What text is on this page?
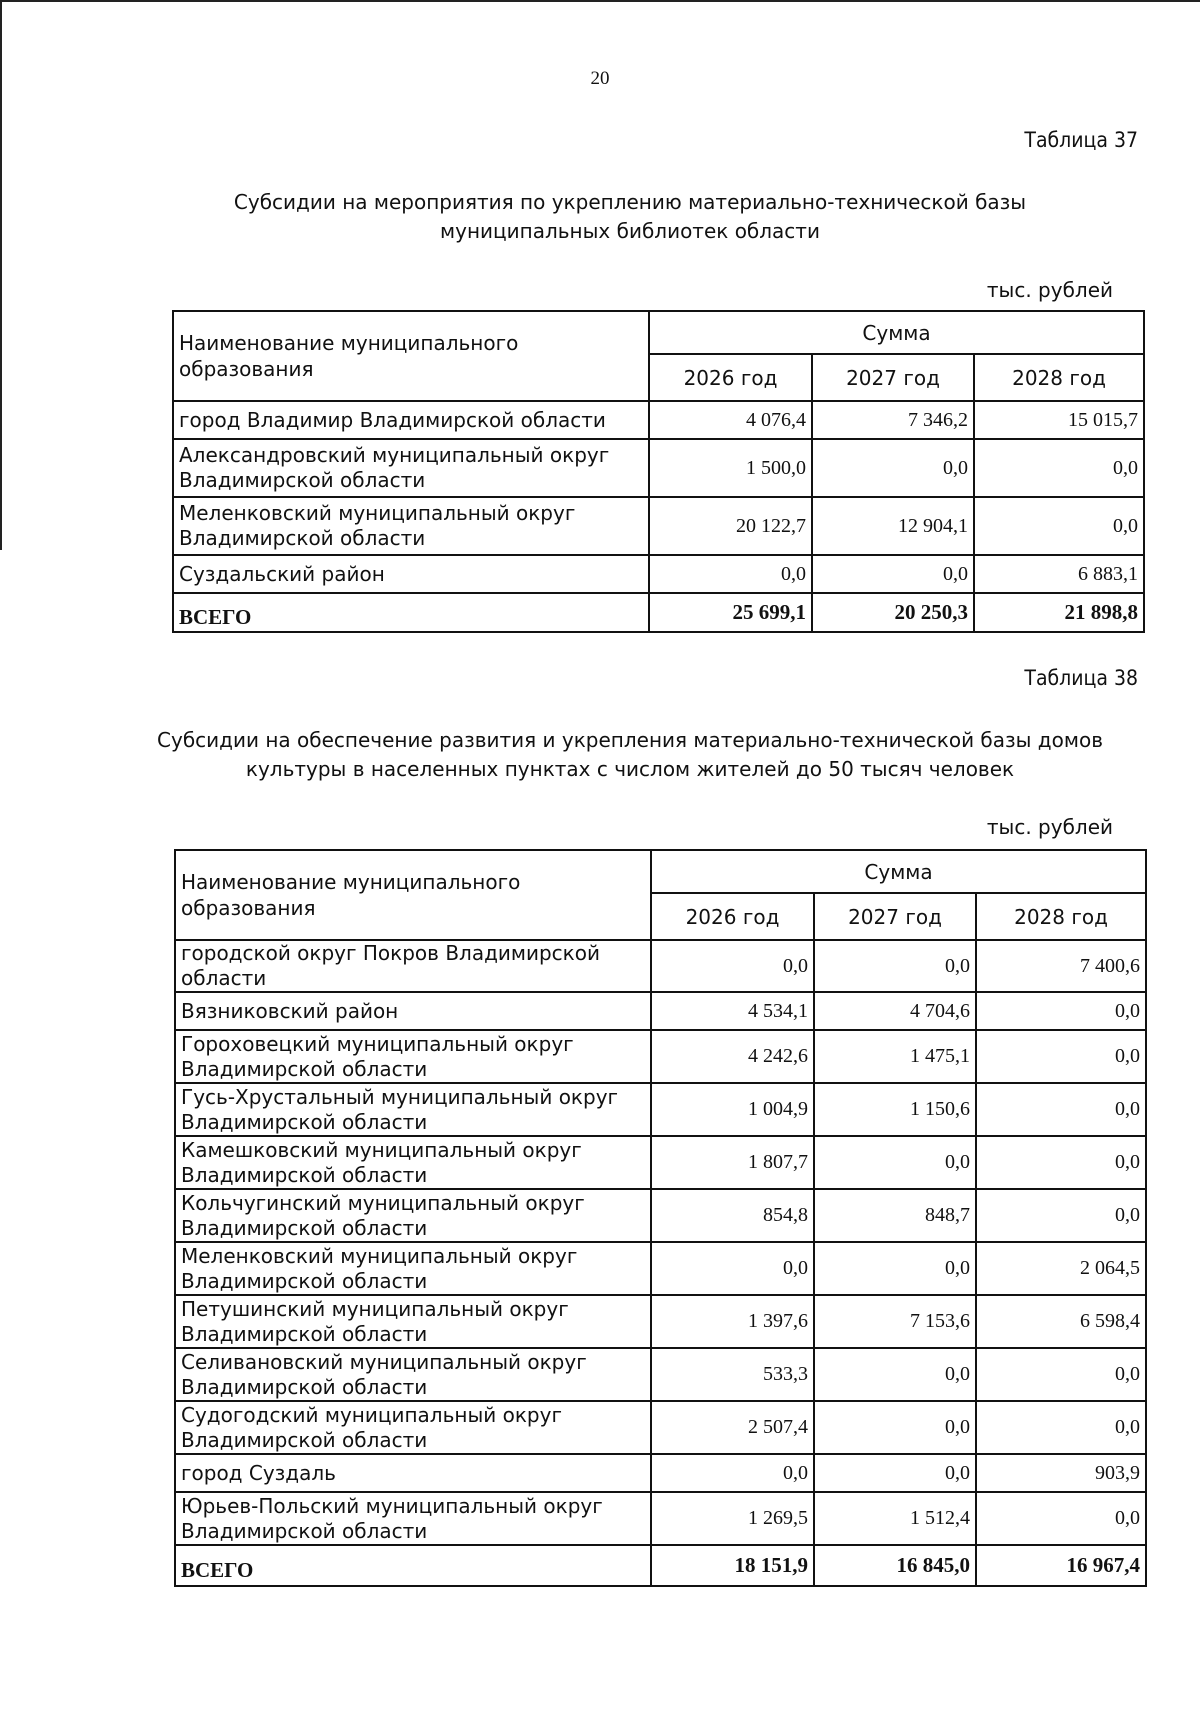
20
Таблица 37
Субсидии на мероприятия по укреплению материально-технической базы
муниципальных библиотек области
тыс. рублей
Наименование муниципального образования	Сумма		
	2026 год	2027 год	2028 год
город Владимир Владимирской области	4 076,4	7 346,2	15 015,7

Александровский муниципальный округ
Владимирской области	1 500,0	0,0	0,0

Меленковский муниципальный округ
Владимирской области	20 122,7	12 904,1	0,0
Суздальский район	0,0	0,0	6 883,1
ВСЕГО	25 699,1	20 250,3	21 898,8
Таблица 38
Субсидии на обеспечение развития и укрепления материально-технической базы домов
культуры в населенных пунктах с числом жителей до 50 тысяч человек
тыс. рублей
Наименование муниципального образования	Сумма		
	2026 год	2027 год	2028 год
городской округ Покров Владимирской области	0,0	0,0	7 400,6
Вязниковский район	4 534,1	4 704,6	0,0

Гороховецкий муниципальный округ
Владимирской области	4 242,6	1 475,1	0,0

Гусь-Хрустальный муниципальный округ
Владимирской области	1 004,9	1 150,6	0,0

Камешковский муниципальный округ
Владимирской области	1 807,7	0,0	0,0

Кольчугинский муниципальный округ
Владимирской области	854,8	848,7	0,0

Меленковский муниципальный округ
Владимирской области	0,0	0,0	2 064,5

Петушинский муниципальный округ
Владимирской области	1 397,6	7 153,6	6 598,4

Селивановский муниципальный округ
Владимирской области	533,3	0,0	0,0

Судогодский муниципальный округ
Владимирской области	2 507,4	0,0	0,0
город Суздаль	0,0	0,0	903,9

Юрьев-Польский муниципальный округ
Владимирской области	1 269,5	1 512,4	0,0
ВСЕГО	18 151,9	16 845,0	16 967,4
